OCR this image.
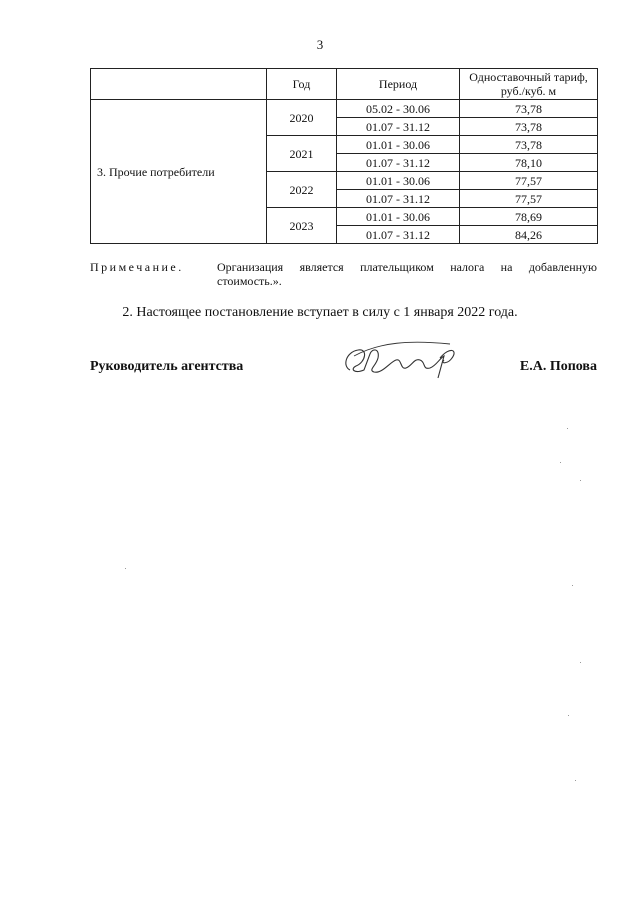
3
	Год	Период	Одноставочный тариф,
руб./куб. м
3. Прочие потребители	2020	05.02 - 30.06	73,78
		01.07 - 31.12	73,78
	2021	01.01 - 30.06	73,78
		01.07 - 31.12	78,10
	2022	01.01 - 30.06	77,57
		01.07 - 31.12	77,57
	2023	01.01 - 30.06	78,69
		01.07 - 31.12	84,26
Примечание.	Организация является плательщиком налога на добавленную
стоимость.».
2. Настоящее постановление вступает в силу с 1 января 2022 года.
Руководитель агентства	Е.А. Попова
